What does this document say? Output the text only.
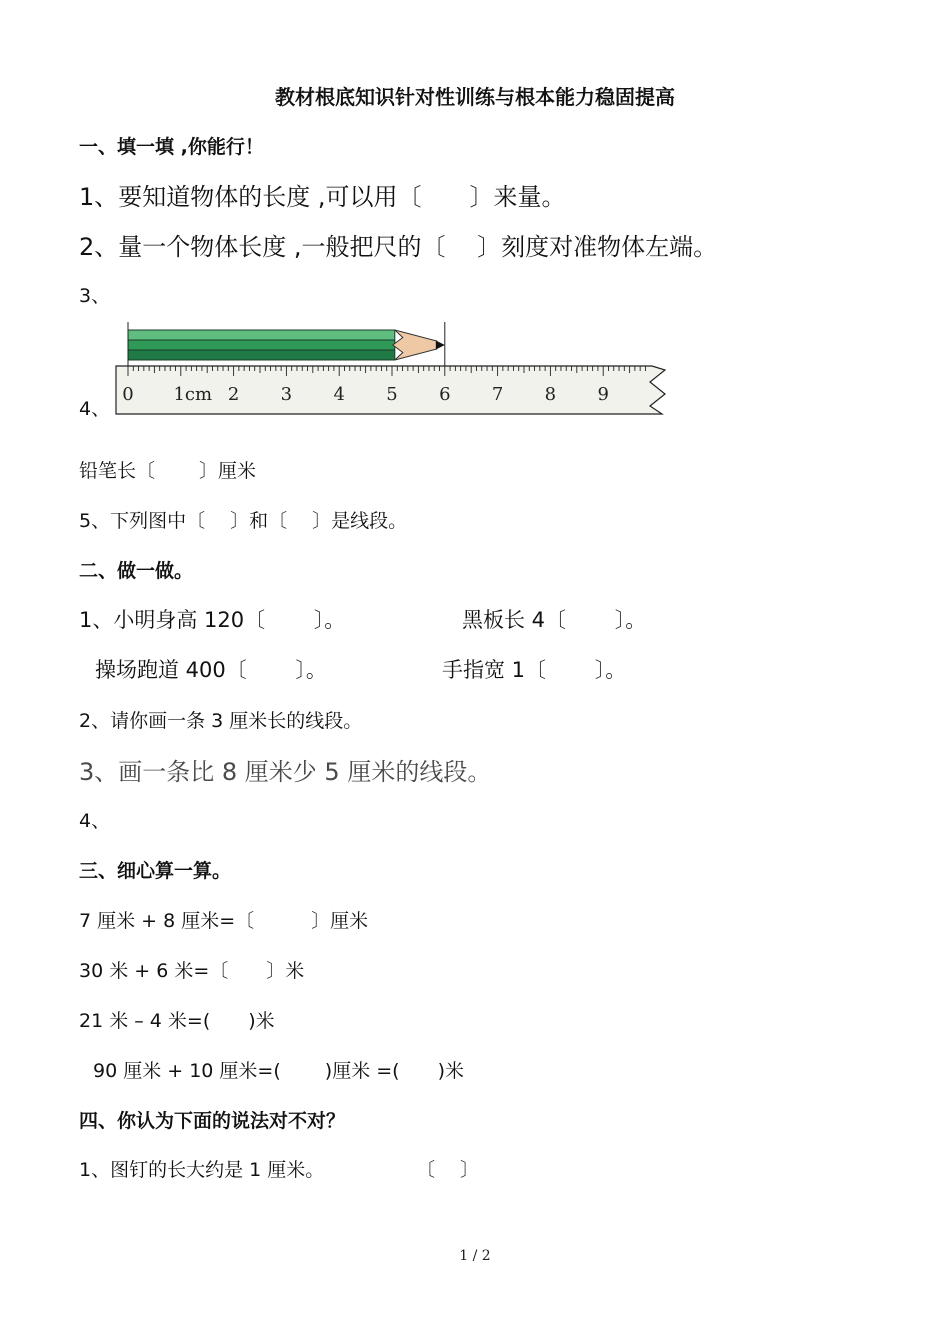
教材根底知识针对性训练与根本能力稳固提高
一、填一填 ,你能行！
1、要知道物体的长度 ,可以用〔　　〕来量。
2、量一个物体长度 ,一般把尺的〔　 〕刻度对准物体左端。
3、
0 1cm 2 3 4 5 6 7 8 9
4、
铅笔长〔　　 〕厘米
5、下列图中〔　 〕和〔　 〕是线段。
二、做一做。
1、小明身高 120〔　　 〕。	黑板长 4〔　　 〕。
操场跑道 400〔　　 〕。	手指宽 1〔　　 〕。
2、请你画一条 3 厘米长的线段。
3、画一条比 8 厘米少 5 厘米的线段。
4、
三、细心算一算。
7 厘米 + 8 厘米=〔　　　〕厘米
30 米 + 6 米=〔　　〕米
21 米 – 4 米=(　　)米
90 厘米 + 10 厘米=(　　 )厘米 =(　　)米
四、你认为下面的说法对不对？
1、图钉的长大约是 1 厘米。	〔　 〕
1 / 2
